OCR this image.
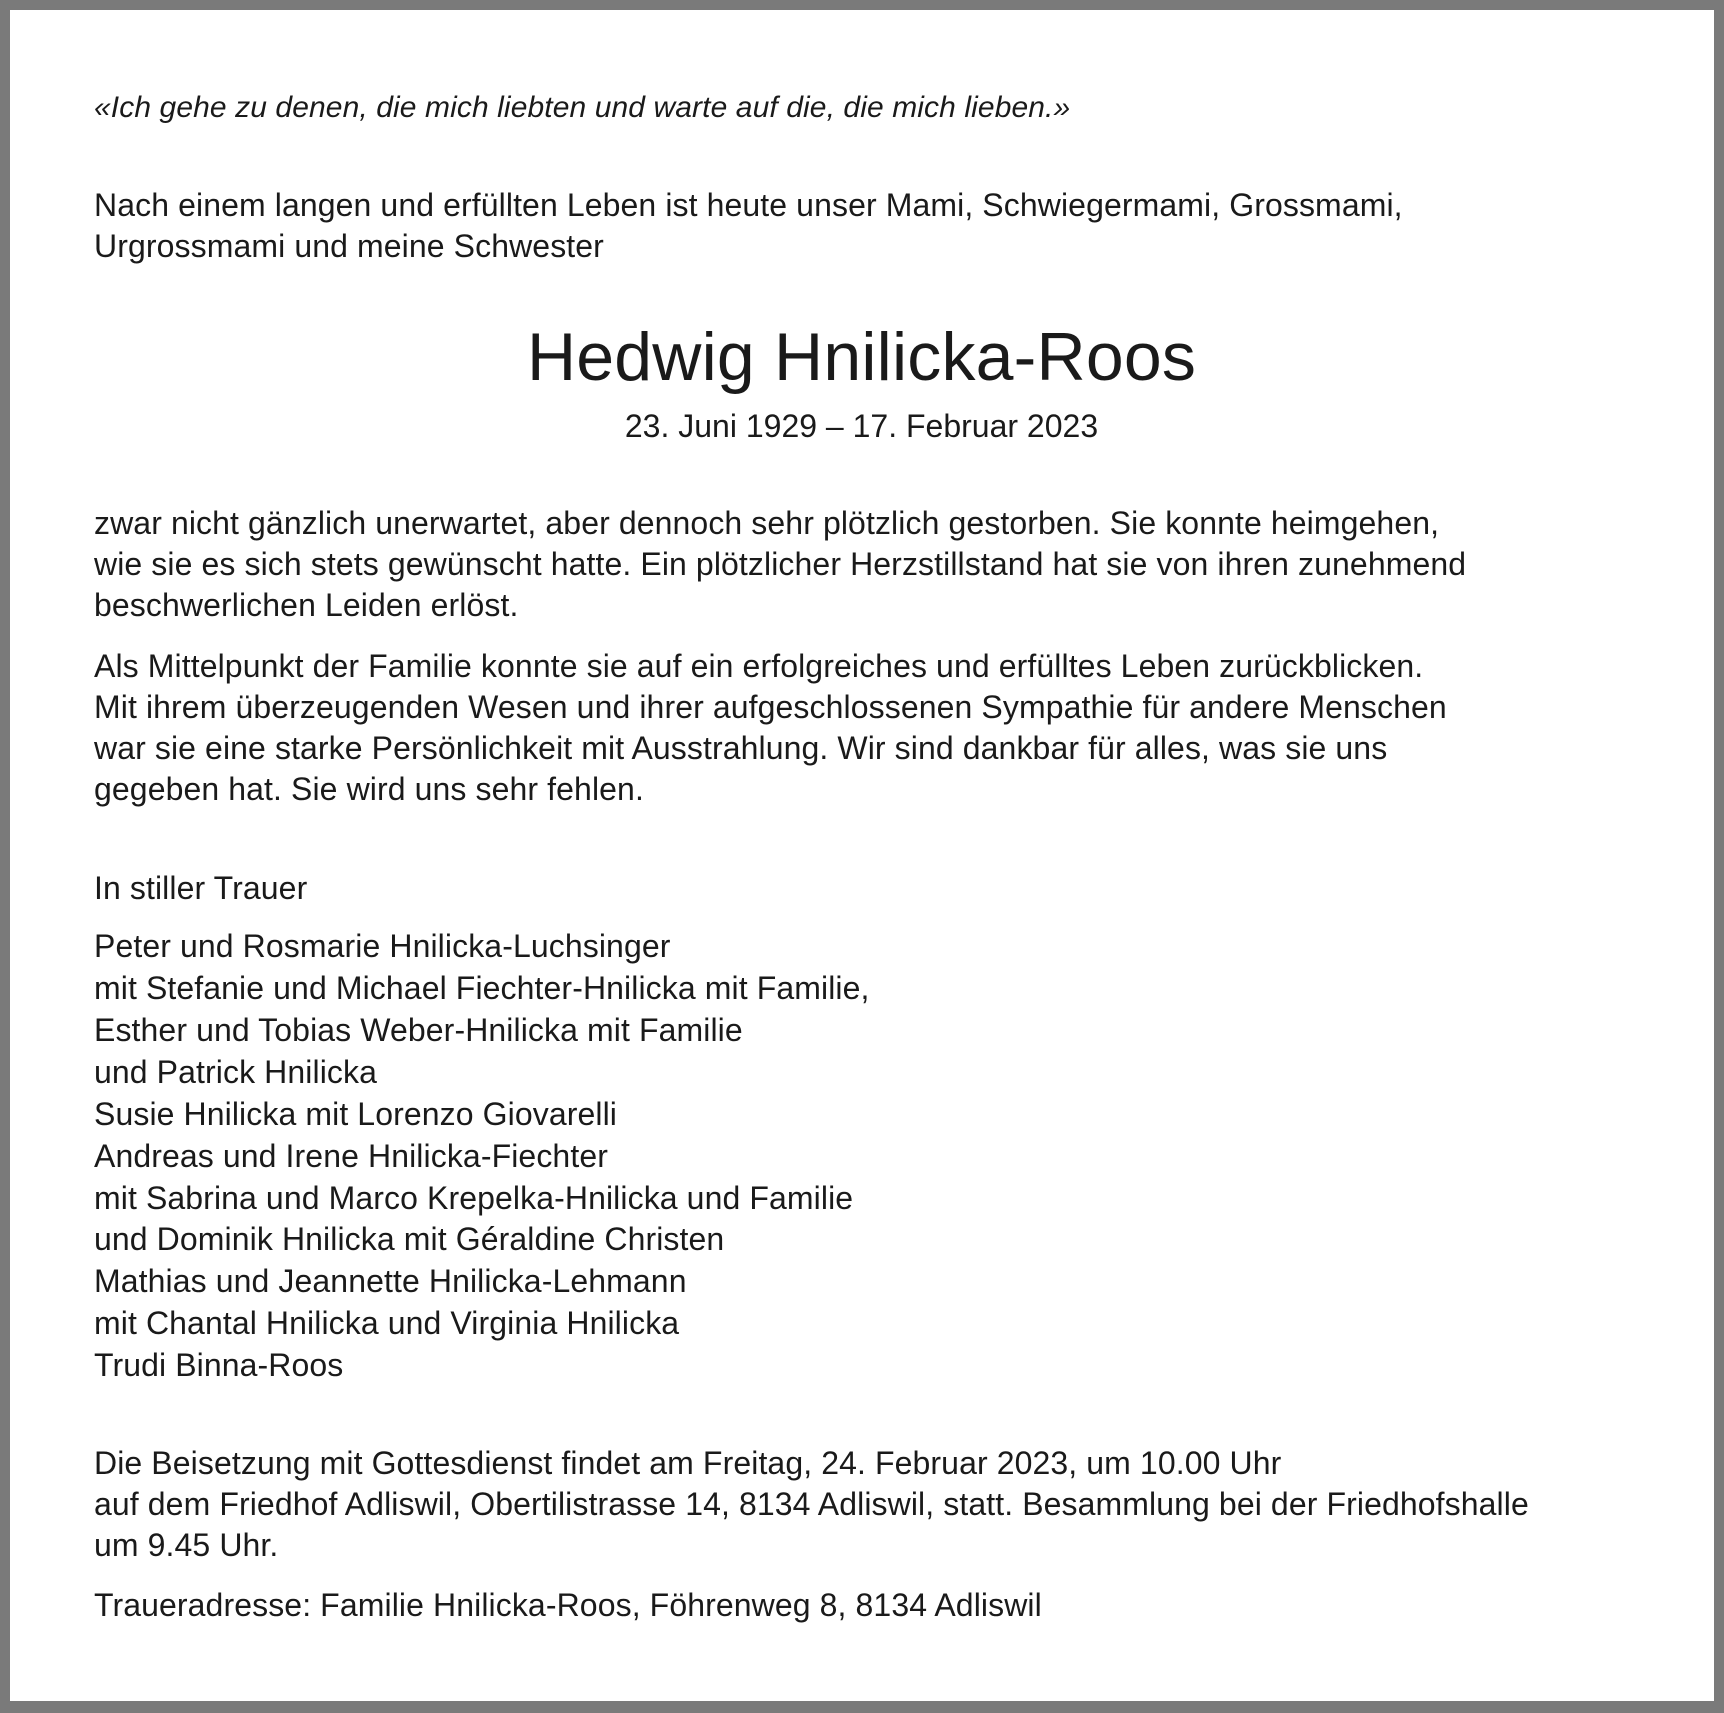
«Ich gehe zu denen, die mich liebten und warte auf die, die mich lieben.»
Nach einem langen und erfüllten Leben ist heute unser Mami, Schwiegermami, Grossmami,
Urgrossmami und meine Schwester
Hedwig Hnilicka-Roos
23. Juni 1929 – 17. Februar 2023
zwar nicht gänzlich unerwartet, aber dennoch sehr plötzlich gestorben. Sie konnte heimgehen,
wie sie es sich stets gewünscht hatte. Ein plötzlicher Herzstillstand hat sie von ihren zunehmend
beschwerlichen Leiden erlöst.
Als Mittelpunkt der Familie konnte sie auf ein erfolgreiches und erfülltes Leben zurückblicken.
Mit ihrem überzeugenden Wesen und ihrer aufgeschlossenen Sympathie für andere Menschen
war sie eine starke Persönlichkeit mit Ausstrahlung. Wir sind dankbar für alles, was sie uns
gegeben hat. Sie wird uns sehr fehlen.
In stiller Trauer
Peter und Rosmarie Hnilicka-Luchsinger
mit Stefanie und Michael Fiechter-Hnilicka mit Familie,
Esther und Tobias Weber-Hnilicka mit Familie
und Patrick Hnilicka
Susie Hnilicka mit Lorenzo Giovarelli
Andreas und Irene Hnilicka-Fiechter
mit Sabrina und Marco Krepelka-Hnilicka und Familie
und Dominik Hnilicka mit Géraldine Christen
Mathias und Jeannette Hnilicka-Lehmann
mit Chantal Hnilicka und Virginia Hnilicka
Trudi Binna-Roos
Die Beisetzung mit Gottesdienst findet am Freitag, 24. Februar 2023, um 10.00 Uhr
auf dem Friedhof Adliswil, Obertilistrasse 14, 8134 Adliswil, statt. Besammlung bei der Friedhofshalle
um 9.45 Uhr.
Traueradresse: Familie Hnilicka-Roos, Föhrenweg 8, 8134 Adliswil
